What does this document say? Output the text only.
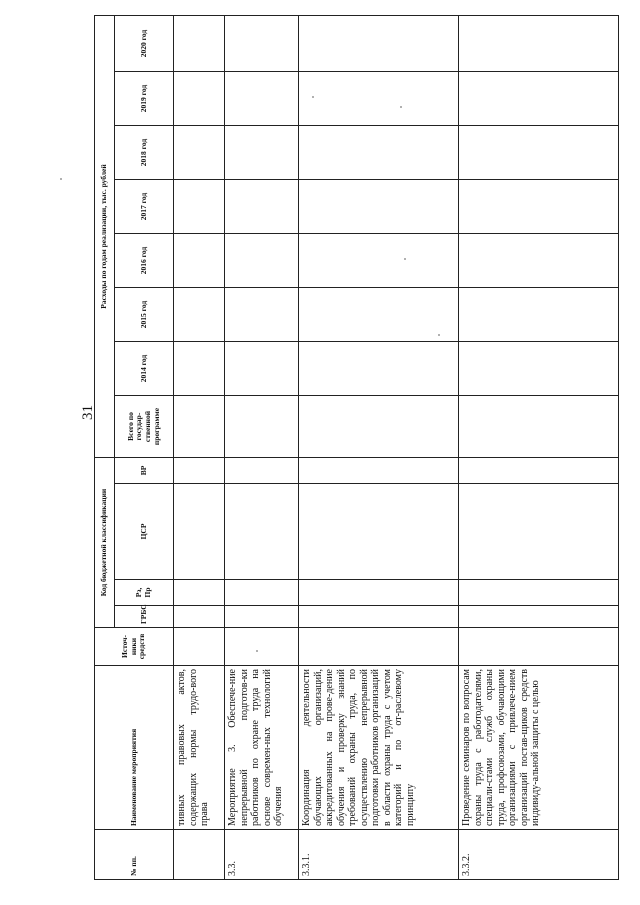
31
№ пп.	Наименование мероприятия	Источ-ники средств	Код бюджетной классификации				Расходы по годам реализации, тыс. рублей							
			ГРБС	Рз, Пр	ЦСР	ВР	Всего по государ-ственной программе	2014 год	2015 год	2016 год	2017 год	2018 год	2019 год	2020 год
	тивных правовых актов, содержащих нормы трудо-вого права													
3.3.	Мероприятие 3. Обеспече-ние непрерывной подготов-ки работников по охране труда на основе современ-ных технологий обучения													
3.3.1.	Координация деятельности обучающих организаций, аккредитованных на прове-дение обучения и проверку знаний требований охраны труда, по осуществлению непрерывной подготовки работников организаций в области охраны труда с учетом категорий и по от-раслевому принципу													
3.3.2.	Проведение семинаров по вопросам охраны труда с работодателями, специали-стами служб охраны труда, профсоюзами, обучающими организациями с привлече-нием организаций постав-щиков средств индивиду-альной защиты с целью													
